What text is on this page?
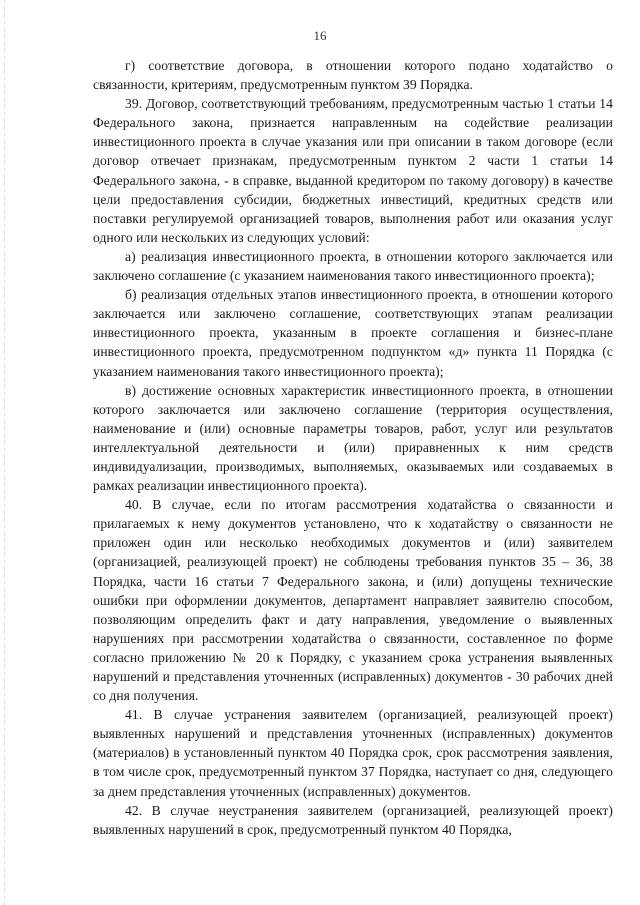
16

г) соответствие договора, в отношении которого подано ходатайство о связанности, критериям, предусмотренным пунктом 39 Порядка.

39. Договор, соответствующий требованиям, предусмотренным частью 1 статьи 14 Федерального закона, признается направленным на содействие реализации инвестиционного проекта в случае указания или при описании в таком договоре (если договор отвечает признакам, предусмотренным пунктом 2 части 1 статьи 14 Федерального закона, - в справке, выданной кредитором по такому договору) в качестве цели предоставления субсидии, бюджетных инвестиций, кредитных средств или поставки регулируемой организацией товаров, выполнения работ или оказания услуг одного или нескольких из следующих условий:

а) реализация инвестиционного проекта, в отношении которого заключается или заключено соглашение (с указанием наименования такого инвестиционного проекта);

б) реализация отдельных этапов инвестиционного проекта, в отношении которого заключается или заключено соглашение, соответствующих этапам реализации инвестиционного проекта, указанным в проекте соглашения и бизнес-плане инвестиционного проекта, предусмотренном подпунктом «д» пункта 11 Порядка (с указанием наименования такого инвестиционного проекта);

в) достижение основных характеристик инвестиционного проекта, в отношении которого заключается или заключено соглашение (территория осуществления, наименование и (или) основные параметры товаров, работ, услуг или результатов интеллектуальной деятельности и (или) приравненных к ним средств индивидуализации, производимых, выполняемых, оказываемых или создаваемых в рамках реализации инвестиционного проекта).

40. В случае, если по итогам рассмотрения ходатайства о связанности и прилагаемых к нему документов установлено, что к ходатайству о связанности не приложен один или несколько необходимых документов и (или) заявителем (организацией, реализующей проект) не соблюдены требования пунктов 35 – 36, 38 Порядка, части 16 статьи 7 Федерального закона, и (или) допущены технические ошибки при оформлении документов, департамент направляет заявителю способом, позволяющим определить факт и дату направления, уведомление о выявленных нарушениях при рассмотрении ходатайства о связанности, составленное по форме согласно приложению № 20 к Порядку, с указанием срока устранения выявленных нарушений и представления уточненных (исправленных) документов - 30 рабочих дней со дня получения.

41. В случае устранения заявителем (организацией, реализующей проект) выявленных нарушений и представления уточненных (исправленных) документов (материалов) в установленный пунктом 40 Порядка срок, срок рассмотрения заявления, в том числе срок, предусмотренный пунктом 37 Порядка, наступает со дня, следующего за днем представления уточненных (исправленных) документов.

42. В случае неустранения заявителем (организацией, реализующей проект) выявленных нарушений в срок, предусмотренный пунктом 40 Порядка,
